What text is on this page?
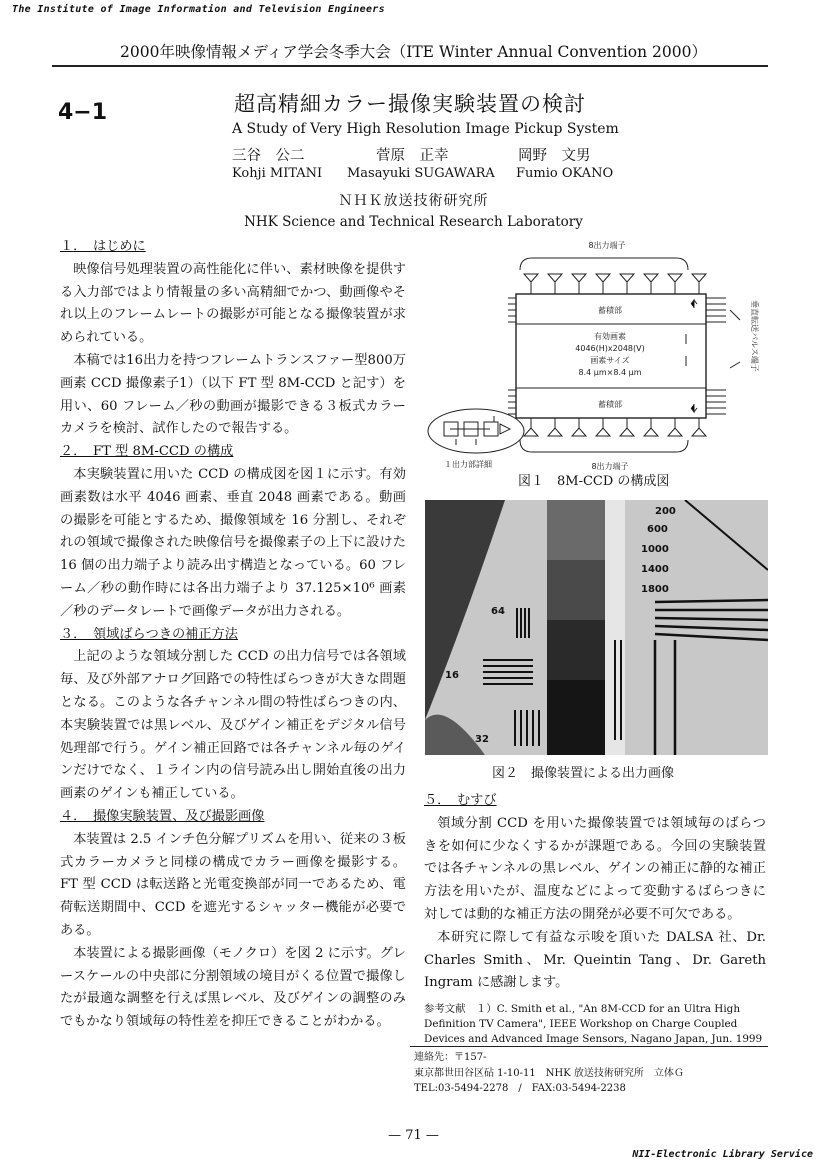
The Institute of Image Information and Television Engineers
2000年映像情報メディア学会冬季大会（ITE Winter Annual Convention 2000）
4−1	超高精細カラー撮像実験装置の検討
A Study of Very High Resolution Image Pickup System
三谷　公二	菅原　正幸	岡野　文男
Kohji MITANI Masayuki SUGAWARA Fumio OKANO
ＮＨＫ放送技術研究所
NHK Science and Technical Research Laboratory

１．　はじめに

映像信号処理装置の高性能化に伴い、素材映像を提供する入力部ではより情報量の多い高精細でかつ、動画像やそれ以上のフレームレートの撮影が可能となる撮像装置が求められている。

本稿では16出力を持つフレームトランスファー型800万画素 CCD 撮像素子1）（以下 FT 型 8M-CCD と記す）を用い、60 フレーム／秒の動画が撮影できる３板式カラーカメラを検討、試作したので報告する。

２．　FT 型 8M-CCD の構成

本実験装置に用いた CCD の構成図を図１に示す。有効画素数は水平 4046 画素、垂直 2048 画素である。動画の撮影を可能とするため、撮像領域を 16 分割し、それぞれの領域で撮像された映像信号を撮像素子の上下に設けた 16 個の出力端子より読み出す構造となっている。60 フレーム／秒の動作時には各出力端子より 37.125×10⁶ 画素／秒のデータレートで画像データが出力される。

３．　領域ばらつきの補正方法

上記のような領域分割した CCD の出力信号では各領域毎、及び外部アナログ回路での特性ばらつきが大きな問題となる。このような各チャンネル間の特性ばらつきの内、本実験装置では黒レベル、及びゲイン補正をデジタル信号処理部で行う。ゲイン補正回路では各チャンネル毎のゲインだけでなく、１ライン内の信号読み出し開始直後の出力画素のゲインも補正している。

４．　撮像実験装置、及び撮影画像

本装置は 2.5 インチ色分解プリズムを用い、従来の３板式カラーカメラと同様の構成でカラー画像を撮影する。FT 型 CCD は転送路と光電変換部が同一であるため、電荷転送期間中、CCD を遮光するシャッター機能が必要である。

本装置による撮影画像（モノクロ）を図 2 に示す。グレースケールの中央部に分割領域の境目がくる位置で撮像したが最適な調整を行えば黒レベル、及びゲインの調整のみでもかなり領域毎の特性差を抑圧できることがわかる。

8出力端子
蓄積部
有効画素
4046(H)x2048(V)
画素サイズ
8.4 μm×8.4 μm
蓄積部
8出力端子
１出力部詳細
垂直転送パルス端子
図１　8M-CCD の構成図
200
600
1000
1400
1800
64
16
32
図２　撮像装置による出力画像

５．　むすび

領域分割 CCD を用いた撮像装置では領域毎のばらつきを如何に少なくするかが課題である。今回の実験装置では各チャンネルの黒レベル、ゲインの補正に静的な補正方法を用いたが、温度などによって変動するばらつきに対しては動的な補正方法の開発が必要不可欠である。

本研究に際して有益な示唆を頂いた DALSA 社、Dr. Charles Smith、Mr. Queintin Tang、Dr. Gareth Ingram に感謝します。

参考文献　１）C. Smith et al., "An 8M-CCD for an Ultra High Definition TV Camera", IEEE Workshop on Charge Coupled Devices and Advanced Image Sensors, Nagano Japan, Jun. 1999
連絡先：〒157-
東京都世田谷区砧 1-10-11　NHK 放送技術研究所　立体Ｇ
TEL:03-5494-2278　/　FAX:03-5494-2238
— 71 —
NII-Electronic Library Service
